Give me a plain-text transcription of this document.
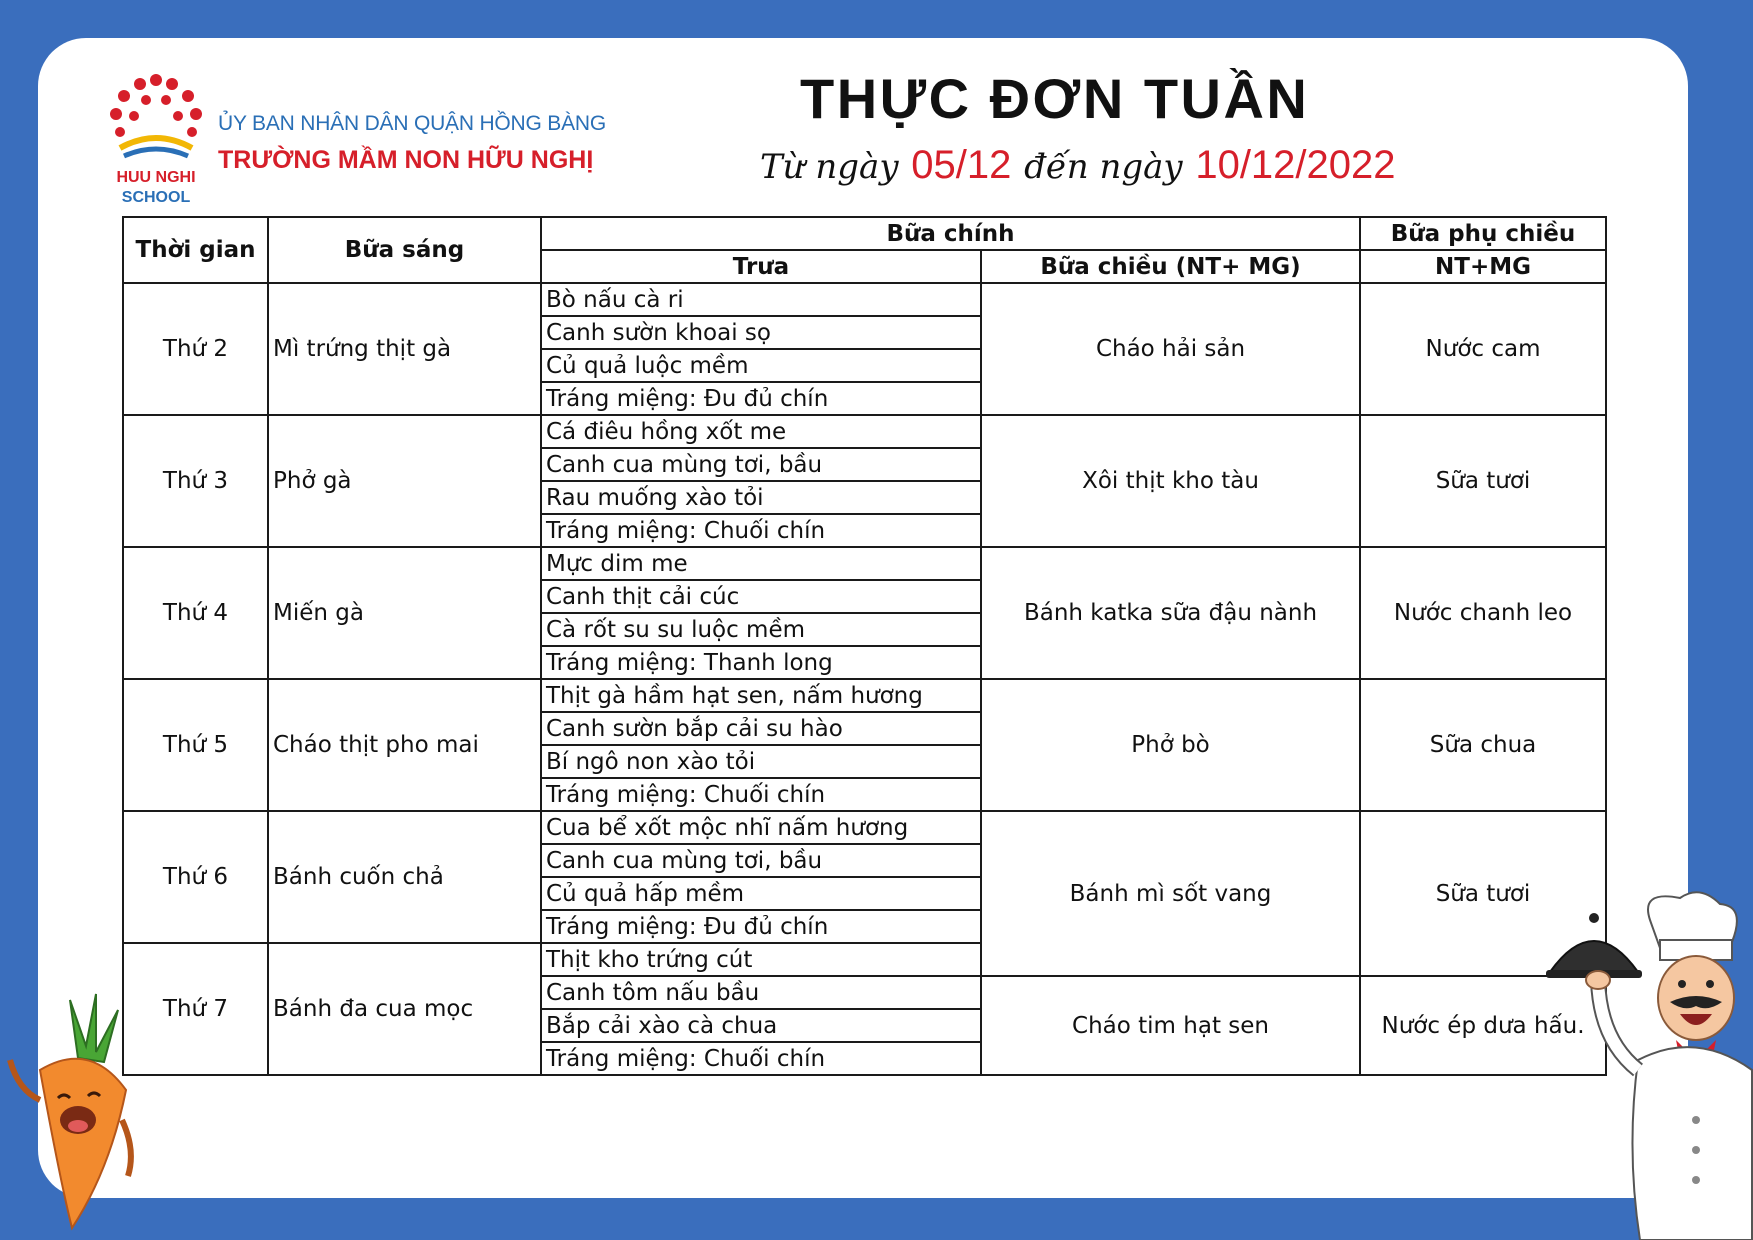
HUU NGHI
SCHOOL
ỦY BAN NHÂN DÂN QUẬN HỒNG BÀNG
TRƯỜNG MẦM NON HỮU NGHỊ
THỰC ĐƠN TUẦN
Từ ngày 05/12 đến ngày 10/12/2022
Thời gian	Bữa sáng	Bữa chính		Bữa phụ chiều
		Trưa	Bữa chiều (NT+ MG)	NT+MG
Thứ 2	Mì trứng thịt gà	Bò nấu cà ri	Cháo hải sản	Nước cam
		Canh sườn khoai sọ		
		Củ quả luộc mềm		
		Tráng miệng: Đu đủ chín		
Thứ 3	Phở gà	Cá điêu hồng xốt me	Xôi thịt kho tàu	Sữa tươi
		Canh cua mùng tơi, bầu		
		Rau muống xào tỏi		
		Tráng miệng: Chuối chín		
Thứ 4	Miến gà	Mực dim me	Bánh katka sữa đậu nành	Nước chanh leo
		Canh thịt cải cúc		
		Cà rốt su su luộc mềm		
		Tráng miệng: Thanh long		
Thứ 5	Cháo thịt pho mai	Thịt gà hầm hạt sen, nấm hương	Phở bò	Sữa chua
		Canh sườn bắp cải su hào		
		Bí ngô non xào tỏi		
		Tráng miệng: Chuối chín		
Thứ 6	Bánh cuốn chả	Cua bể xốt mộc nhĩ nấm hương	Bánh mì sốt vang	Sữa tươi
		Canh cua mùng tơi, bầu		
		Củ quả hấp mềm		
		Tráng miệng: Đu đủ chín		
Thứ 7	Bánh đa cua mọc	Thịt kho trứng cút		
		Canh tôm nấu bầu	Cháo tim hạt sen	Nước ép dưa hấu.
		Bắp cải xào cà chua		
		Tráng miệng: Chuối chín		
